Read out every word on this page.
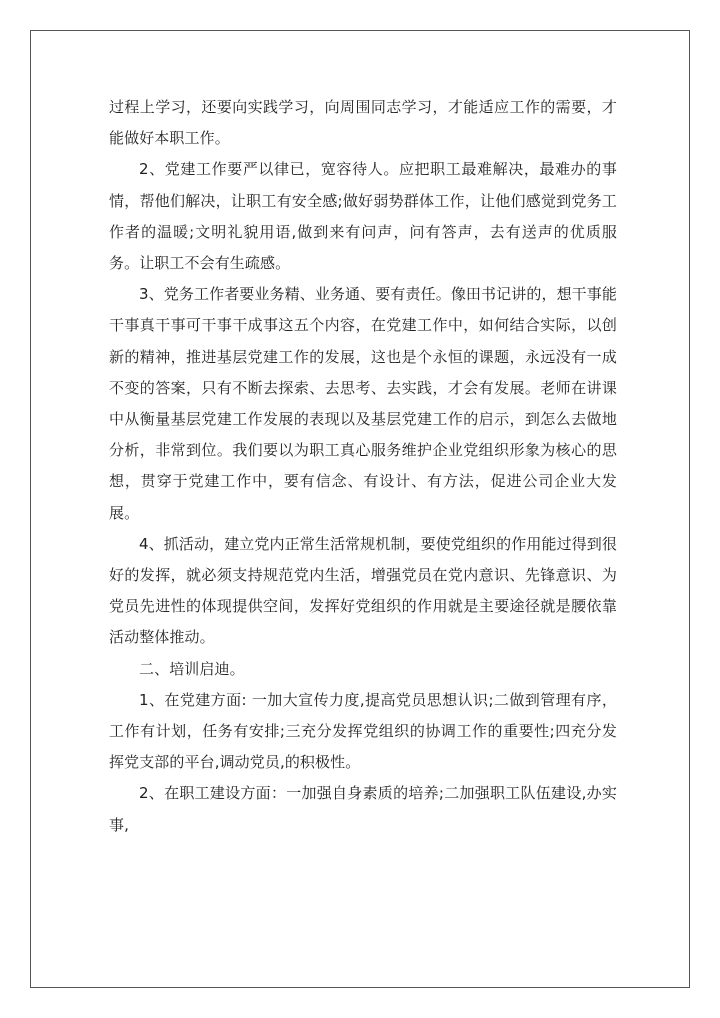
过程上学习，还要向实践学习，向周围同志学习，才能适应工作的需要，才能做好本职工作。

2、党建工作要严以律已，宽容待人。应把职工最难解决，最难办的事情，帮他们解决，让职工有安全感;做好弱势群体工作，让他们感觉到党务工作者的温暖;文明礼貌用语,做到来有问声，问有答声，去有送声的优质服务。让职工不会有生疏感。

3、党务工作者要业务精、业务通、要有责任。像田书记讲的，想干事能干事真干事可干事干成事这五个内容，在党建工作中，如何结合实际，以创新的精神，推进基层党建工作的发展，这也是个永恒的课题，永远没有一成不变的答案，只有不断去探索、去思考、去实践，才会有发展。老师在讲课中从衡量基层党建工作发展的表现以及基层党建工作的启示，到怎么去做地分析，非常到位。我们要以为职工真心服务维护企业党组织形象为核心的思想，贯穿于党建工作中，要有信念、有设计、有方法，促进公司企业大发展。

4、抓活动，建立党内正常生活常规机制，要使党组织的作用能过得到很好的发挥，就必须支持规范党内生活，增强党员在党内意识、先锋意识、为党员先进性的体现提供空间，发挥好党组织的作用就是主要途径就是腰依靠活动整体推动。

二、培训启迪。

1、在党建方面: 一加大宣传力度,提高党员思想认识;二做到管理有序，工作有计划，任务有安排;三充分发挥党组织的协调工作的重要性;四充分发挥党支部的平台,调动党员,的积极性。

2、在职工建设方面：一加强自身素质的培养;二加强职工队伍建设,办实事,
